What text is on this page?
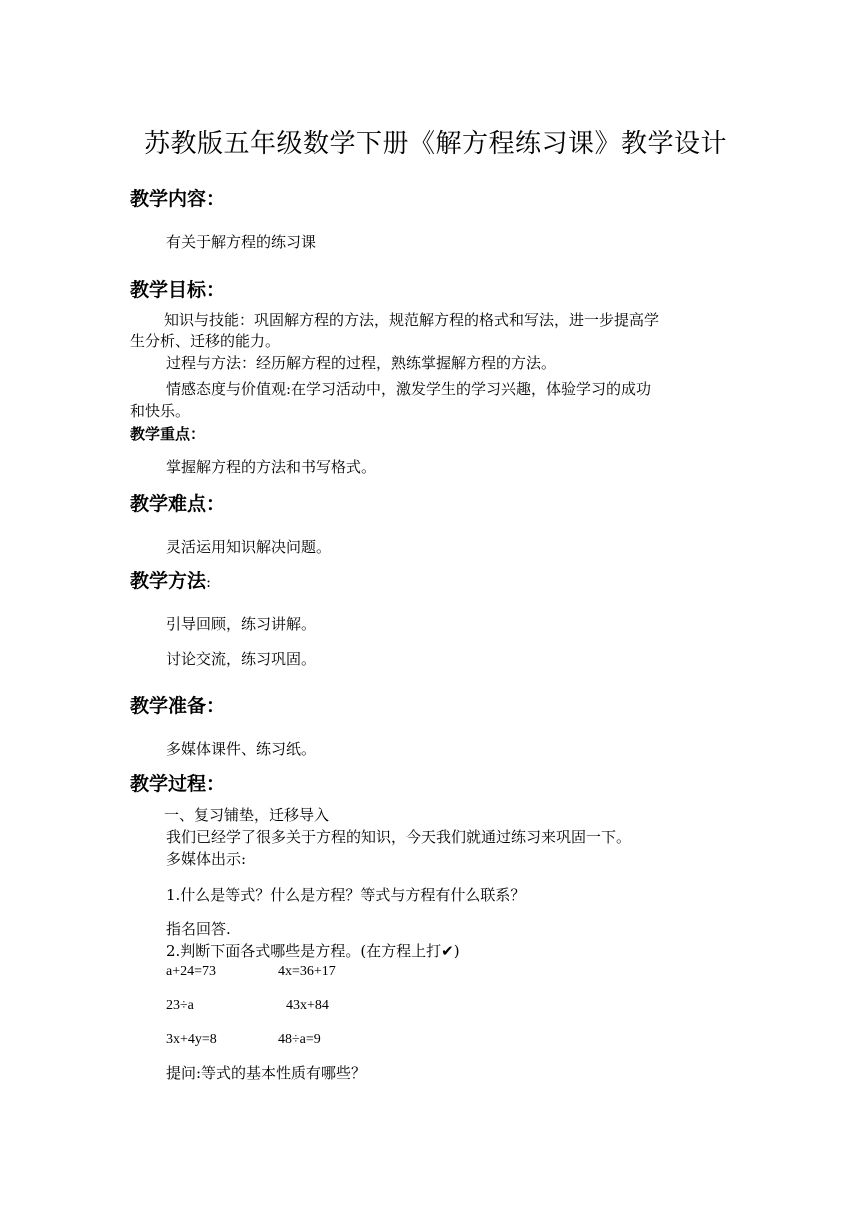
苏教版五年级数学下册《解方程练习课》教学设计
教学内容：
有关于解方程的练习课
教学目标：
知识与技能：巩固解方程的方法，规范解方程的格式和写法，进一步提高学
生分析、迁移的能力。
过程与方法：经历解方程的过程，熟练掌握解方程的方法。
情感态度与价值观:在学习活动中，激发学生的学习兴趣，体验学习的成功
和快乐。
教学重点：
掌握解方程的方法和书写格式。
教学难点：
灵活运用知识解决问题。
教学方法:
引导回顾，练习讲解。
讨论交流，练习巩固。
教学准备：
多媒体课件、练习纸。
教学过程：
一、复习铺垫，迁移导入
我们已经学了很多关于方程的知识，今天我们就通过练习来巩固一下。
多媒体出示:
1.什么是等式？什么是方程？等式与方程有什么联系？
指名回答.
2.判断下面各式哪些是方程。(在方程上打✔)
a+24=73	4x=36+17
23÷a	43x+84
3x+4y=8	48÷a=9
提问:等式的基本性质有哪些？
